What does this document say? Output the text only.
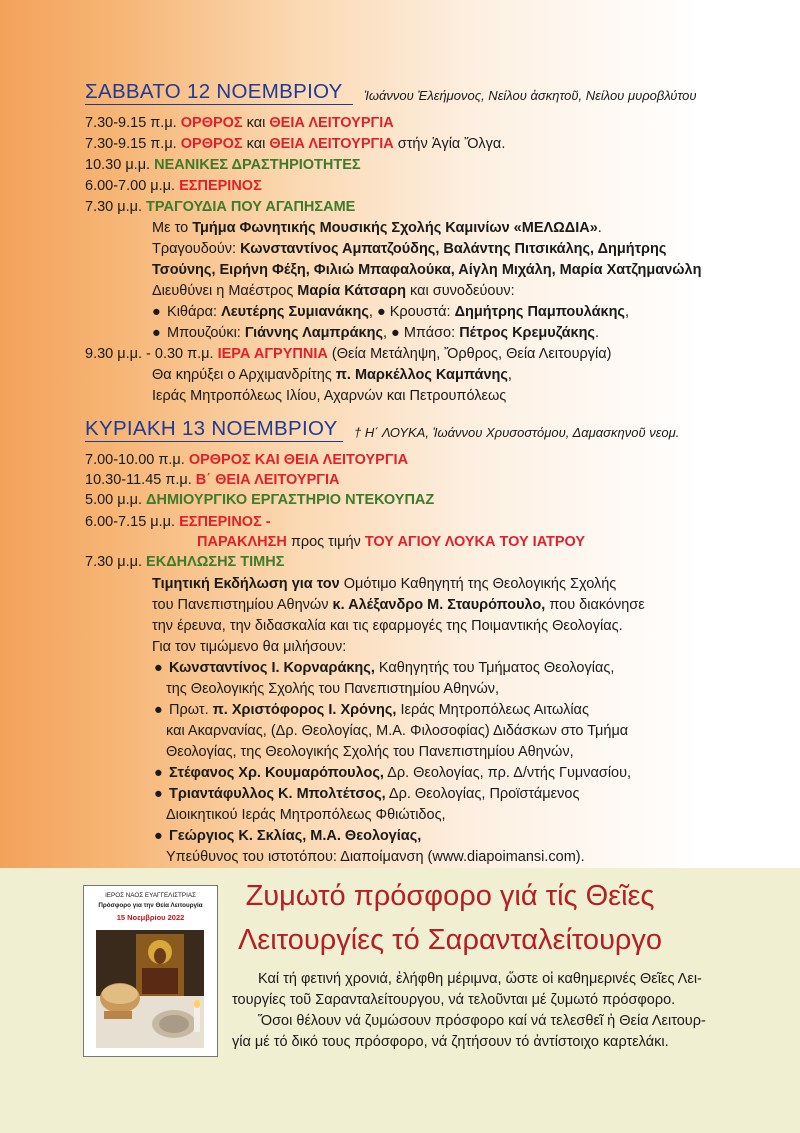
ΣΑΒΒΑΤΟ 12 ΝΟΕΜΒΡΙΟΥ Ἰωάννου Ἐλεήμονος, Νείλου ἀσκητοῦ, Νείλου μυροβλύτου
7.30-9.15 π.μ. ΟΡΘΡΟΣ και ΘΕΙΑ ΛΕΙΤΟΥΡΓΙΑ
7.30-9.15 π.μ. ΟΡΘΡΟΣ και ΘΕΙΑ ΛΕΙΤΟΥΡΓΙΑ στήν Ἁγία Ὄλγα.
10.30 μ.μ. ΝΕΑΝΙΚΕΣ ΔΡΑΣΤΗΡΙΟΤΗΤΕΣ
6.00-7.00 μ.μ. ΕΣΠΕΡΙΝΟΣ
7.30 μ.μ. ΤΡΑΓΟΥΔΙΑ ΠΟΥ ΑΓΑΠΗΣΑΜΕ
Με το Τμήμα Φωνητικής Μουσικής Σχολής Καμινίων «ΜΕΛΩΔΙΑ».
Τραγουδούν: Κωνσταντίνος Αμπατζούδης, Βαλάντης Πιτσικάλης, Δημήτρης
Τσούνης, Ειρήνη Φέξη, Φιλιώ Μπαφαλούκα, Αίγλη Μιχάλη, Μαρία Χατζημανώλη
Διευθύνει η Μαέστρος Μαρία Κάτσαρη και συνοδεύουν:
● Κιθάρα: Λευτέρης Συμιανάκης, ● Κρουστά: Δημήτρης Παμπουλάκης,
● Μπουζούκι: Γιάννης Λαμπράκης, ● Μπάσο: Πέτρος Κρεμυζάκης.
9.30 μ.μ. - 0.30 π.μ. ΙΕΡΑ ΑΓΡΥΠΝΙΑ (Θεία Μετάληψη, Ὄρθρος, Θεία Λειτουργία)
Θα κηρύξει ο Αρχιμανδρίτης π. Μαρκέλλος Καμπάνης,
Ιεράς Μητροπόλεως Ιλίου, Αχαρνών και Πετρουπόλεως
ΚΥΡΙΑΚΗ 13 ΝΟΕΜΒΡΙΟΥ † Η΄ ΛΟΥΚΑ, Ἰωάννου Χρυσοστόμου, Δαμασκηνοῦ νεομ.
7.00-10.00 π.μ. ΟΡΘΡΟΣ ΚΑΙ ΘΕΙΑ ΛΕΙΤΟΥΡΓΙΑ
10.30-11.45 π.μ. Β΄ ΘΕΙΑ ΛΕΙΤΟΥΡΓΙΑ
5.00 μ.μ. ΔΗΜΙΟΥΡΓΙΚΟ ΕΡΓΑΣΤΗΡΙΟ ΝΤΕΚΟΥΠΑΖ
6.00-7.15 μ.μ. ΕΣΠΕΡΙΝΟΣ -
ΠΑΡΑΚΛΗΣΗ προς τιμήν ΤΟΥ ΑΓΙΟΥ ΛΟΥΚΑ ΤΟΥ ΙΑΤΡΟΥ
7.30 μ.μ. ΕΚΔΗΛΩΣΗΣ ΤΙΜΗΣ
Τιμητική Εκδήλωση για τον Ομότιμο Καθηγητή της Θεολογικής Σχολής
του Πανεπιστημίου Αθηνών κ. Αλέξανδρο Μ. Σταυρόπουλο, που διακόνησε
την έρευνα, την διδασκαλία και τις εφαρμογές της Ποιμαντικής Θεολογίας.
Για τον τιμώμενο θα μιλήσουν:
● Κωνσταντίνος Ι. Κορναράκης, Καθηγητής του Τμήματος Θεολογίας,
της Θεολογικής Σχολής του Πανεπιστημίου Αθηνών,
● Πρωτ. π. Χριστόφορος Ι. Χρόνης, Ιεράς Μητροπόλεως Αιτωλίας
και Ακαρνανίας, (Δρ. Θεολογίας, Μ.Α. Φιλοσοφίας) Διδάσκων στο Τμήμα
Θεολογίας, της Θεολογικής Σχολής του Πανεπιστημίου Αθηνών,
● Στέφανος Χρ. Κουμαρόπουλος, Δρ. Θεολογίας, πρ. Δ/ντής Γυμνασίου,
● Τριαντάφυλλος Κ. Μπολτέτσος, Δρ. Θεολογίας, Προϊστάμενος
Διοικητικού Ιεράς Μητροπόλεως Φθιώτιδος,
● Γεώργιος Κ. Σκλίας, Μ.Α. Θεολογίας,
Υπεύθυνος του ιστοτόπου: Διαποίμανση (www.diapoimansi.com).
ΙΕΡΟΣ ΝΑΟΣ ΕΥΑΓΓΕΛΙΣΤΡΙΑΣ
Πρόσφορο για την Θεία Λειτουργία
15 Νοεμβρίου 2022
Ζυμωτό πρόσφορο γιά τίς Θεῖες
Λειτουργίες τό Σαρανταλείτουργο
Καί τή φετινή χρονιά, ἐλήφθη μέριμνα, ὥστε οἱ καθημερινές Θεῖες Λει-
τουργίες τοῦ Σαρανταλείτουργου, νά τελοῦνται μέ ζυμωτό πρόσφορο.
Ὅσοι θέλουν νά ζυμώσουν πρόσφορο καί νά τελεσθεῖ ἡ Θεία Λειτουρ-
γία μέ τό δικό τους πρόσφορο, νά ζητήσουν τό ἀντίστοιχο καρτελάκι.
